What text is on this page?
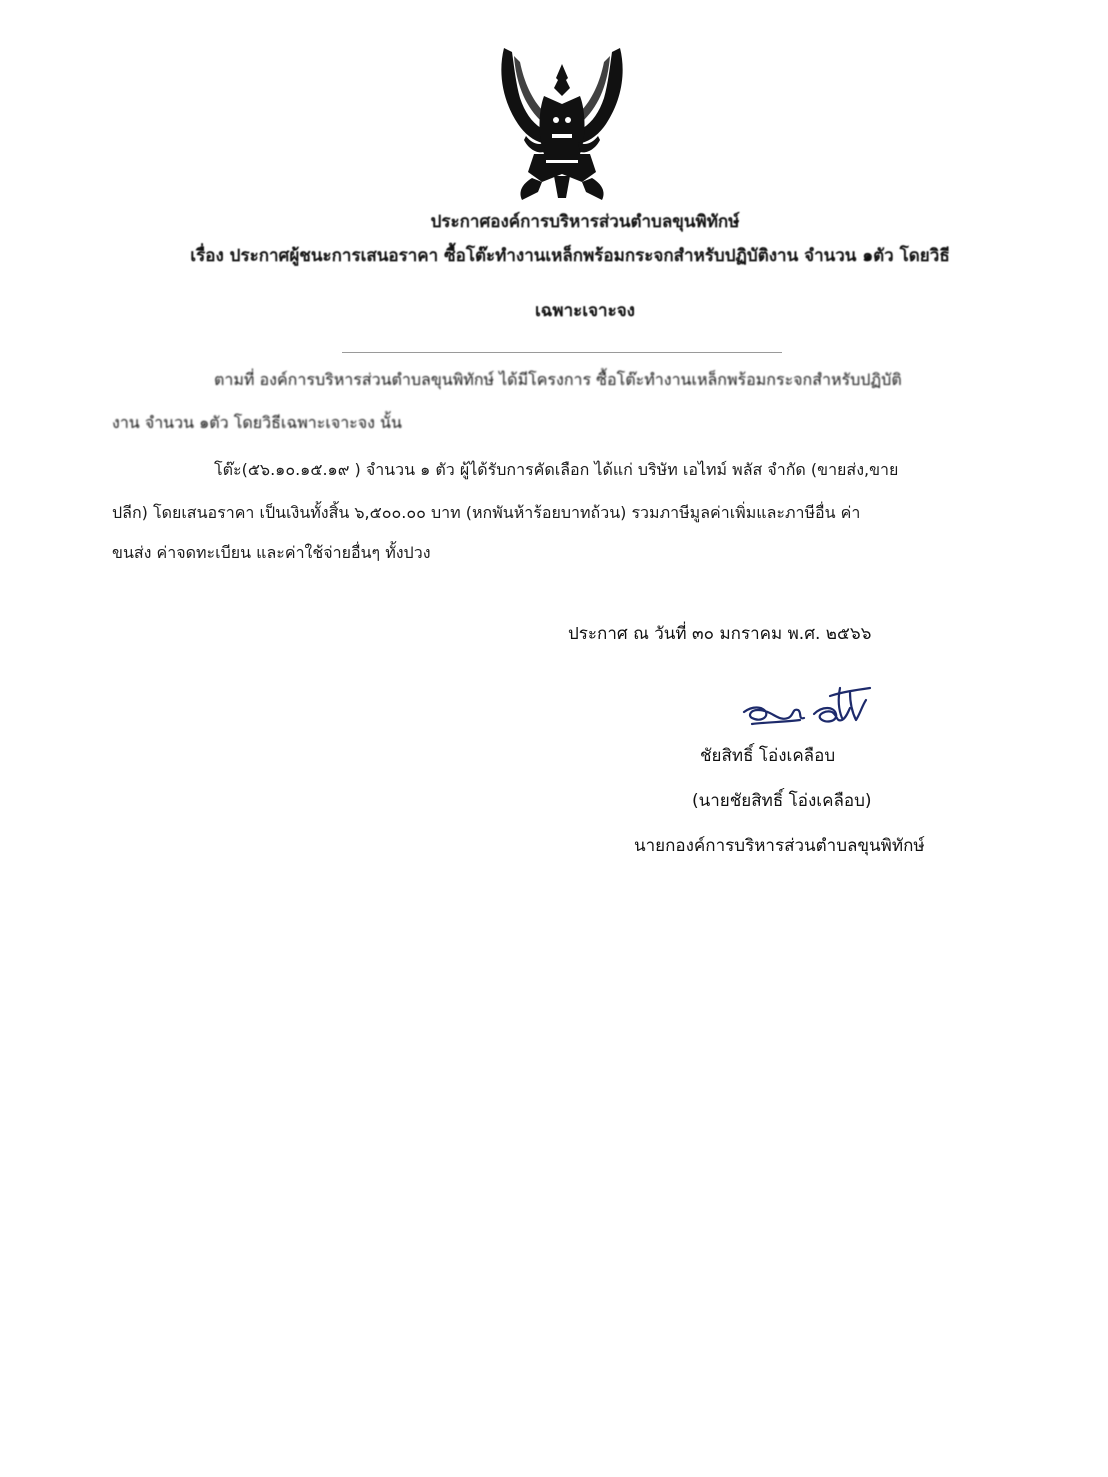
ประกาศองค์การบริหารส่วนตำบลขุนพิทักษ์
เรื่อง ประกาศผู้ชนะการเสนอราคา ซื้อโต๊ะทำงานเหล็กพร้อมกระจกสำหรับปฏิบัติงาน จำนวน ๑ตัว โดยวิธี
เฉพาะเจาะจง
ตามที่ องค์การบริหารส่วนตำบลขุนพิทักษ์ ได้มีโครงการ ซื้อโต๊ะทำงานเหล็กพร้อมกระจกสำหรับปฏิบัติ
งาน จำนวน ๑ตัว โดยวิธีเฉพาะเจาะจง นั้น
โต๊ะ(๕๖.๑๐.๑๕.๑๙ ) จำนวน ๑ ตัว ผู้ได้รับการคัดเลือก ได้แก่ บริษัท เอไทม์ พลัส จำกัด (ขายส่ง,ขาย
ปลีก) โดยเสนอราคา เป็นเงินทั้งสิ้น ๖,๕๐๐.๐๐ บาท (หกพันห้าร้อยบาทถ้วน) รวมภาษีมูลค่าเพิ่มและภาษีอื่น ค่า
ขนส่ง ค่าจดทะเบียน และค่าใช้จ่ายอื่นๆ ทั้งปวง
ประกาศ ณ วันที่ ๓๐ มกราคม พ.ศ. ๒๕๖๖
ชัยสิทธิ์ โอ่งเคลือบ
(นายชัยสิทธิ์ โอ่งเคลือบ)
นายกองค์การบริหารส่วนตำบลขุนพิทักษ์
